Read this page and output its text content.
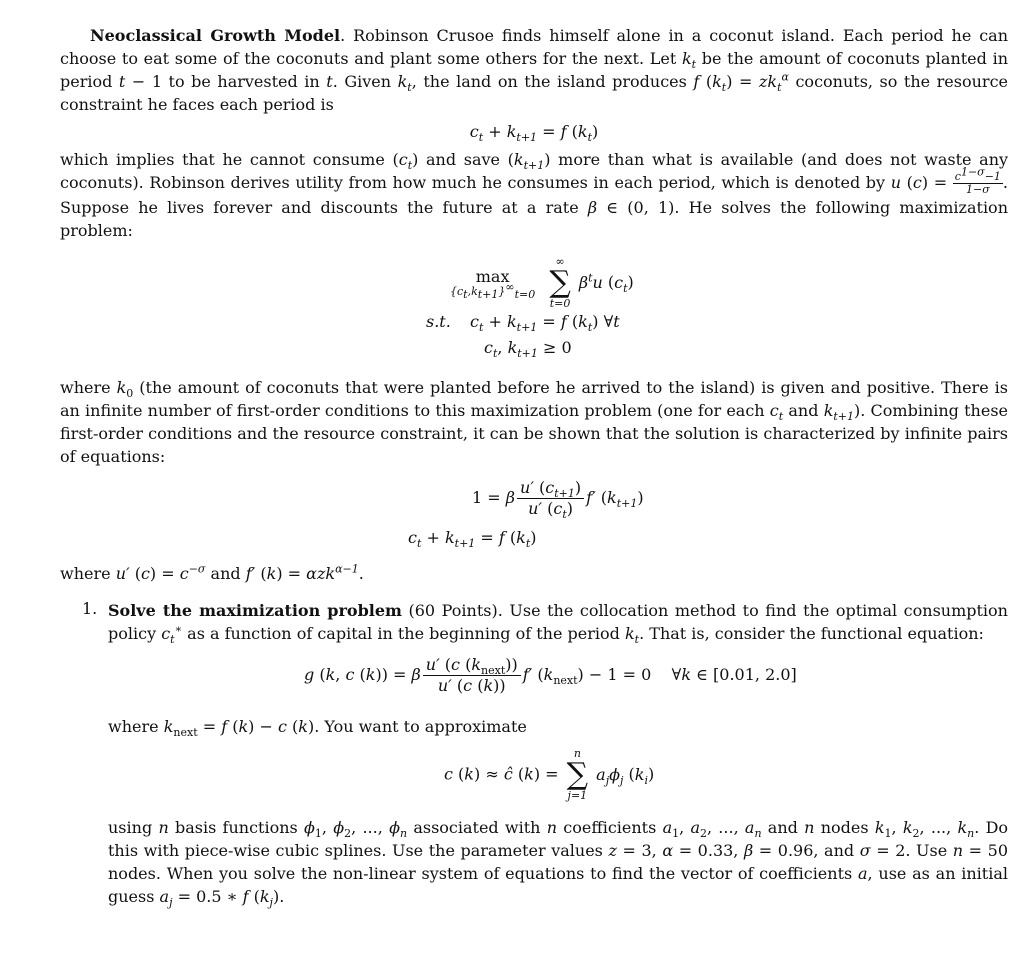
Neoclassical Growth Model. Robinson Crusoe finds himself alone in a coconut island. Each period he can choose to eat some of the coconuts and plant some others for the next. Let $k_t$ be the amount of coconuts planted in period t − 1 to be harvested in t. Given $k_t$, the land on the island produces f $(k_t) = zk_t^\alpha$ coconuts, so the resource constraint he faces each period is

$c_t + k_{t+1} = f$ $(k_t)$

which implies that he cannot consume $(c_t)$ and save $(k_{t+1})$ more than what is available (and does not waste any coconuts). Robinson derives utility from how much he consumes in each period, which is denoted by u $(c) = \frac{c^{1-\sigma}-1}{1-\sigma}$ . Suppose he lives forever and discounts the future at a rate β ∈ (0, 1). He solves the following maximization problem:

max
$\{c_t,k_{t+1}\}^\infty_{t=0}$

∞
∑
t=0
$\beta^tu$ $(c_t)$
s.t. $c_t + k_{t+1} = f$ $(k_t)$ ∀t
$c_t$, $k_{t+1} \ge 0$

where $k_0$ (the amount of coconuts that were planted before he arrived to the island) is given and positive. There is an infinite number of first-order conditions to this maximization problem (one for each $c_t$ and $k_{t+1}$). Combining these first-order conditions and the resource constraint, it can be shown that the solution is characterized by infinite pairs of equations:

1 = β $\frac{u' (c_{t+1})}{u' (c_t)} f'$ $(k_{t+1})$
$c_t + k_{t+1} = f$ $(k_t)$

where u′ $(c) = c^{-\sigma}$ and f′ (k) = αzk$^{\alpha-1}$.

1. Solve the maximization problem (60 Points). Use the collocation method to find the optimal consumption policy $c_t^∗$ as a function of capital in the beginning of the period $k_t$. That is, consider the functional equation:

g (k, c (k)) = β $\frac{u' (c (k_{next}))}{u' (c (k))} f'$ $(k_{next}) - 1 = 0$    ∀k ∈ [0.01, 2.0]

where $k_{next} = f$ (k) − c (k). You want to approximate

c (k) ≈ ĉ (k) =
n
∑
j=1
$a_j\phi_j$ $(k_i)$

using n basis functions $\phi_1$, $\phi_2$, ..., $\phi_n$ associated with n coefficients $a_1$, $a_2$, ..., $a_n$ and n nodes $k_1$, $k_2$, ..., $k_n$. Do this with piece-wise cubic splines. Use the parameter values z = 3, α = 0.33, β = 0.96, and σ = 2. Use n = 50 nodes. When you solve the non-linear system of equations to find the vector of coefficients a, use as an initial guess $a_j = 0.5$ ∗ f $(k_j)$.
